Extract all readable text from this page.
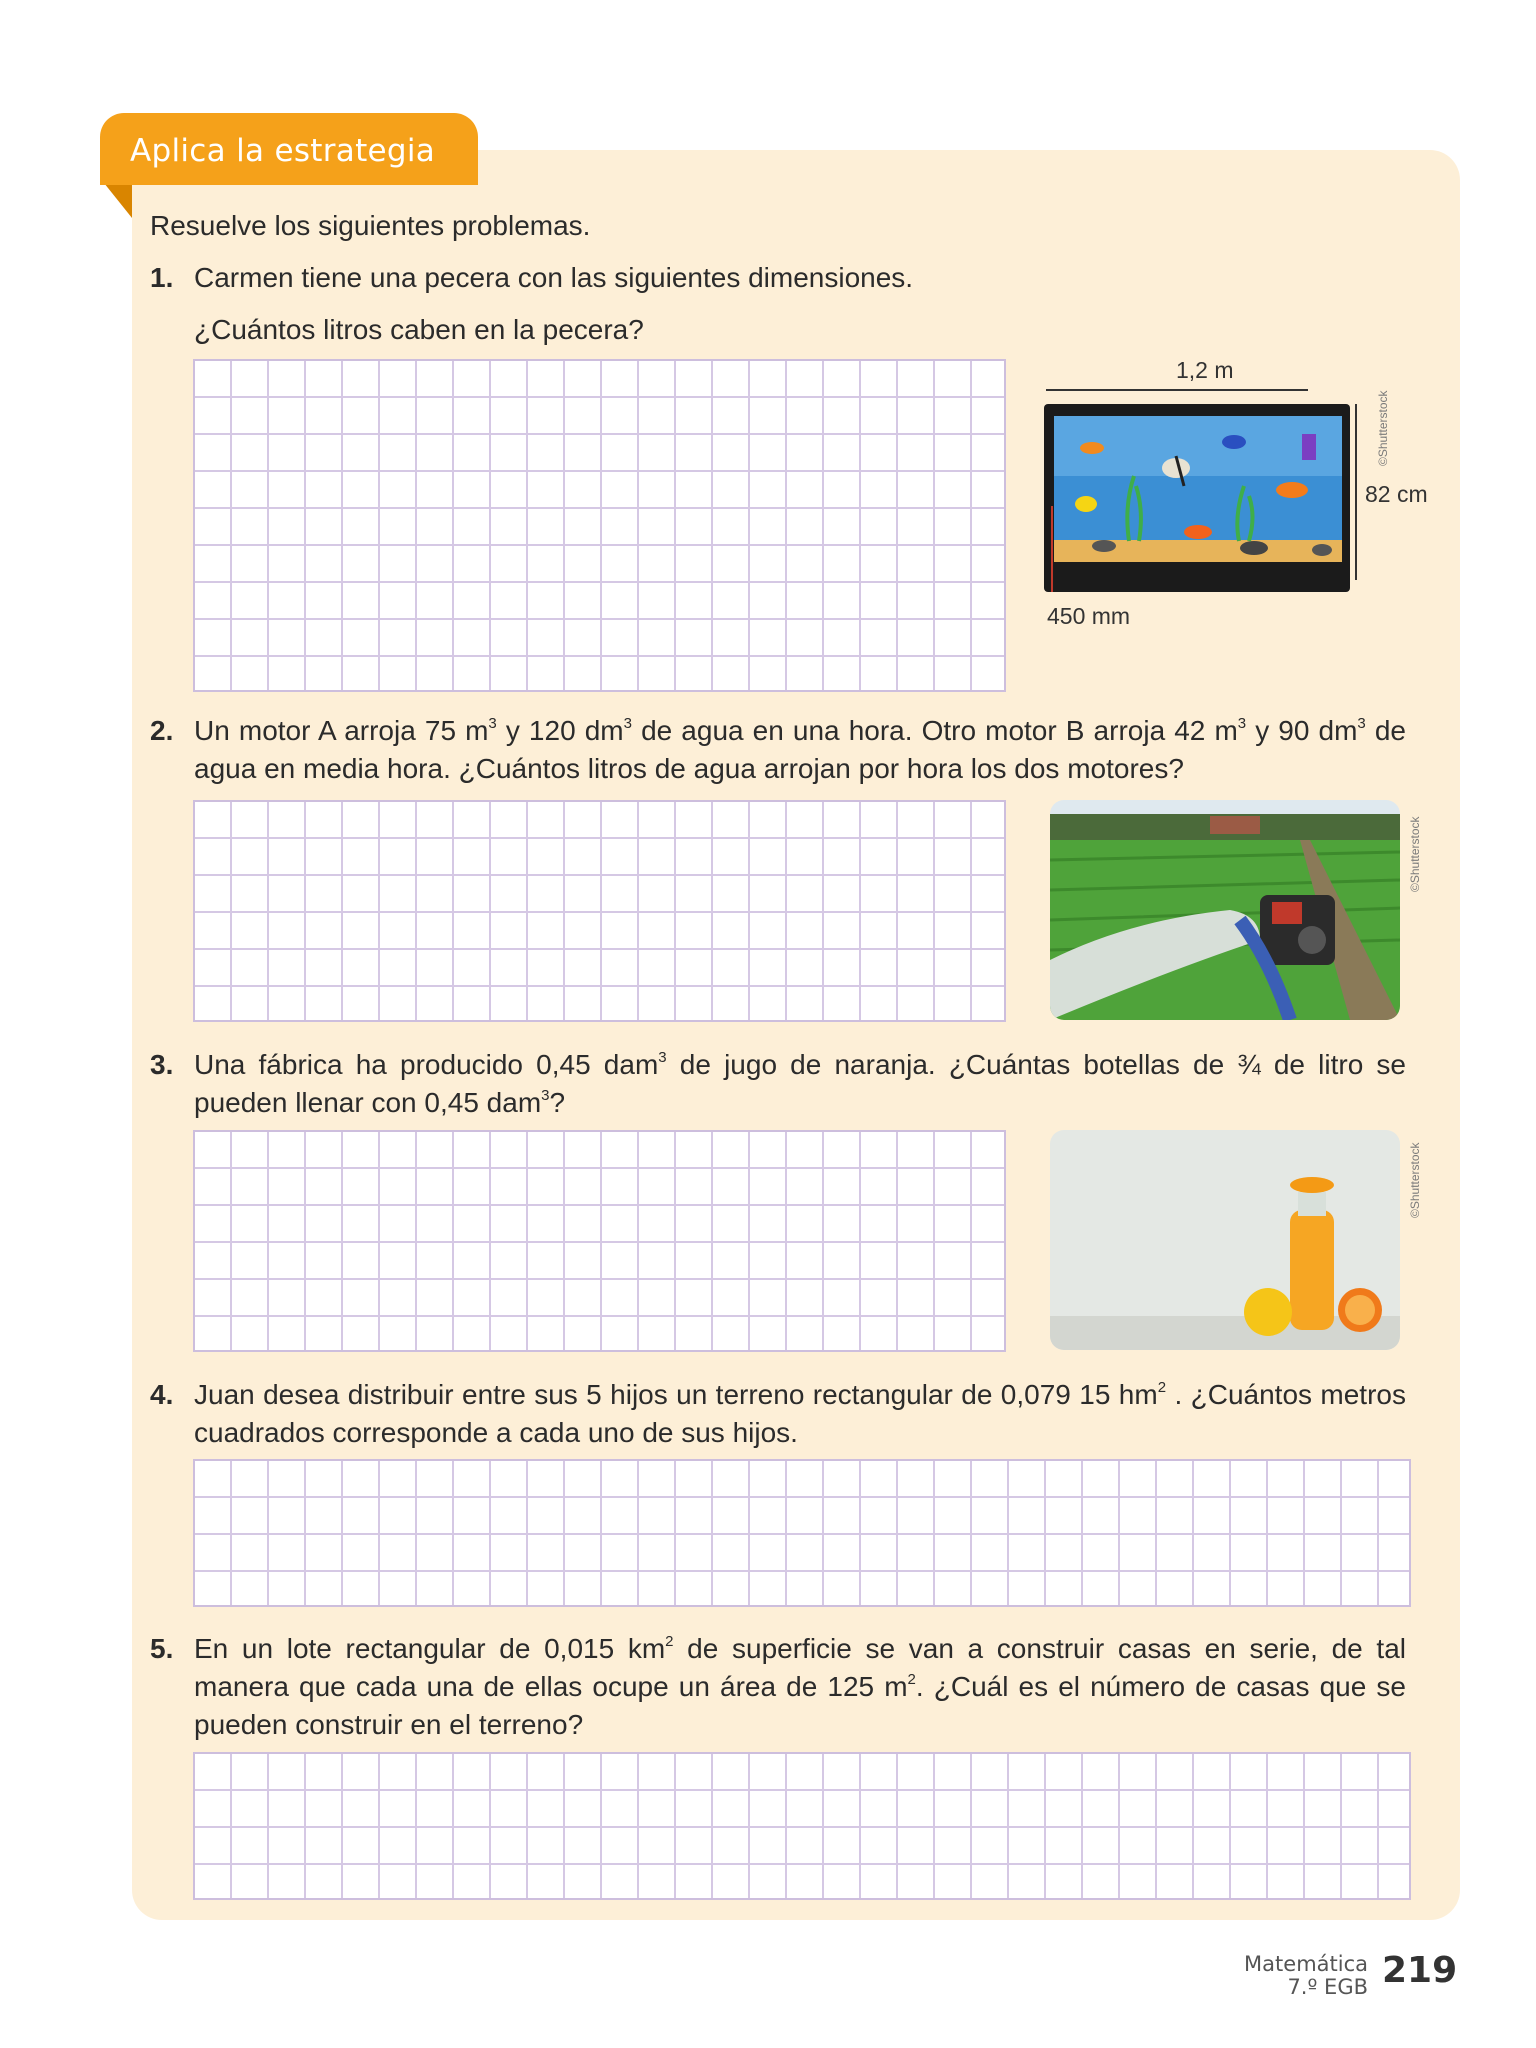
Aplica la estrategia
Resuelve los siguientes problemas.
1. Carmen tiene una pecera con las siguientes dimensiones.
¿Cuántos litros caben en la pecera?
1,2 m
82 cm
450 mm
©Shutterstock
2. Un motor A arroja 75 $m^3$ y 120 $dm^3$ de agua en una hora. Otro motor B arroja 42 $m^3$ y 90 $dm^3$ de agua en media hora. ¿Cuántos litros de agua arrojan por hora los dos motores?
©Shutterstock
3. Una fábrica ha producido 0,45 dam$^3$ de jugo de naranja. ¿Cuántas botellas de ¾ de litro se pueden llenar con 0,45 dam$^3$?
©Shutterstock
4. Juan desea distribuir entre sus 5 hijos un terreno rectangular de 0,079 15 $hm^2$ . ¿Cuántos metros cuadrados corresponde a cada uno de sus hijos.
5. En un lote rectangular de 0,015 $km^2$ de superficie se van a construir casas en serie, de tal manera que cada una de ellas ocupe un área de 125 $m^2$. ¿Cuál es el número de casas que se pueden construir en el terreno?
Matemática
7.º EGB 219
